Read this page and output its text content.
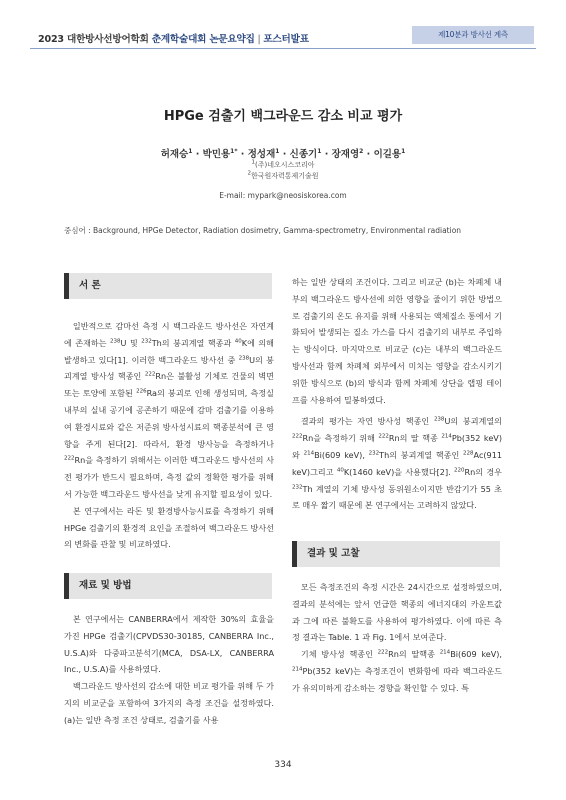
2023 대한방사선방어학회 춘계학술대회 논문요약집 | 포스터발표	제10분과 방사선 계측
HPGe 검출기 백그라운드 감소 비교 평가
허재승$^1$ · 박민용$^{1*}$ · 정성재$^1$ · 신종기$^1$ · 장재영$^2$ · 이길용$^1$
$^1$(주)네오시스코리아
$^2$한국원자력통제기술원
E-mail: mypark@neosiskorea.com
중심어 : Background, HPGe Detector, Radiation dosimetry, Gamma-spectrometry, Environmental radiation
서 론

일반적으로 감마선 측정 시 백그라운드 방사선은 자연계에 존재하는 $^{238}$U 및 $^{232}$Th의 붕괴계열 핵종과 $^{40}$K에 의해 발생하고 있다[1]. 이러한 백그라운드 방사선 중 $^{238}$U의 붕괴계열 방사성 핵종인 $^{222}$Rn은 불활성 기체로 건물의 벽면 또는 토양에 포함된 $^{226}$Ra의 붕괴로 인해 생성되며, 측정실 내부의 실내 공기에 공존하기 때문에 감마 검출기를 이용하여 환경시료와 같은 저준위 방사성시료의 핵종분석에 큰 영향을 주게 된다[2]. 따라서, 환경 방사능을 측정하거나 $^{222}$Rn을 측정하기 위해서는 이러한 백그라운드 방사선의 사전 평가가 반드시 필요하며, 측정 값의 정확한 평가를 위해서 가능한 백그라운드 방사선을 낮게 유지할 필요성이 있다.

본 연구에서는 라돈 및 환경방사능시료를 측정하기 위해 HPGe 검출기의 환경적 요인을 조절하여 백그라운드 방사선의 변화를 관찰 및 비교하였다.

재료 및 방법

본 연구에서는 CANBERRA에서 제작한 30%의 효율을 가진 HPGe 검출기(CPVDS30-30185, CANBERRA Inc., U.S.A)와 다중파고분석기(MCA, DSA-LX, CANBERRA Inc., U.S.A)를 사용하였다.

백그라운드 방사선의 감소에 대한 비교 평가를 위해 두 가지의 비교군을 포함하여 3가지의 측정 조건을 설정하였다. (a)는 일반 측정 조건 상태로, 검출기를 사용

하는 일반 상태의 조건이다. 그리고 비교군 (b)는 차폐체 내부의 백그라운드 방사선에 의한 영향을 줄이기 위한 방법으로 검출기의 온도 유지를 위해 사용되는 액체질소 통에서 기화되어 발생되는 질소 가스를 다시 검출기의 내부로 주입하는 방식이다. 마지막으로 비교군 (c)는 내부의 백그라운드 방사선과 함께 차폐체 외부에서 미치는 영향을 감소시키기 위한 방식으로 (b)의 방식과 함께 차폐체 상단을 랩핑 테이프를 사용하여 밀봉하였다.

결과의 평가는 자연 방사성 핵종인 $^{238}$U의 붕괴계열의 $^{222}$Rn을 측정하기 위해 $^{222}$Rn의 딸 핵종 $^{214}$Pb(352 keV)와 $^{214}$Bi(609 keV), $^{232}$Th의 붕괴계열 핵종인 $^{228}$Ac(911 keV)그리고 $^{40}$K(1460 keV)을 사용했다[2]. $^{220}$Rn의 경우 $^{232}$Th 계열의 기체 방사성 동위원소이지만 반감기가 55 초로 매우 짧기 때문에 본 연구에서는 고려하지 않았다.

결과 및 고찰

모든 측정조건의 측정 시간은 24시간으로 설정하였으며, 결과의 분석에는 앞서 언급한 핵종의 에너지대의 카운트값과 그에 따른 불확도를 사용하여 평가하였다. 이에 따른 측정 결과는 Table. 1 과 Fig. 1에서 보여준다.

기체 방사성 핵종인 $^{222}$Rn의 딸핵종 $^{214}$Bi(609 keV), $^{214}$Pb(352 keV)는 측정조건이 변화함에 따라 백그라운드가 유의미하게 감소하는 경향을 확인할 수 있다. 특

334
